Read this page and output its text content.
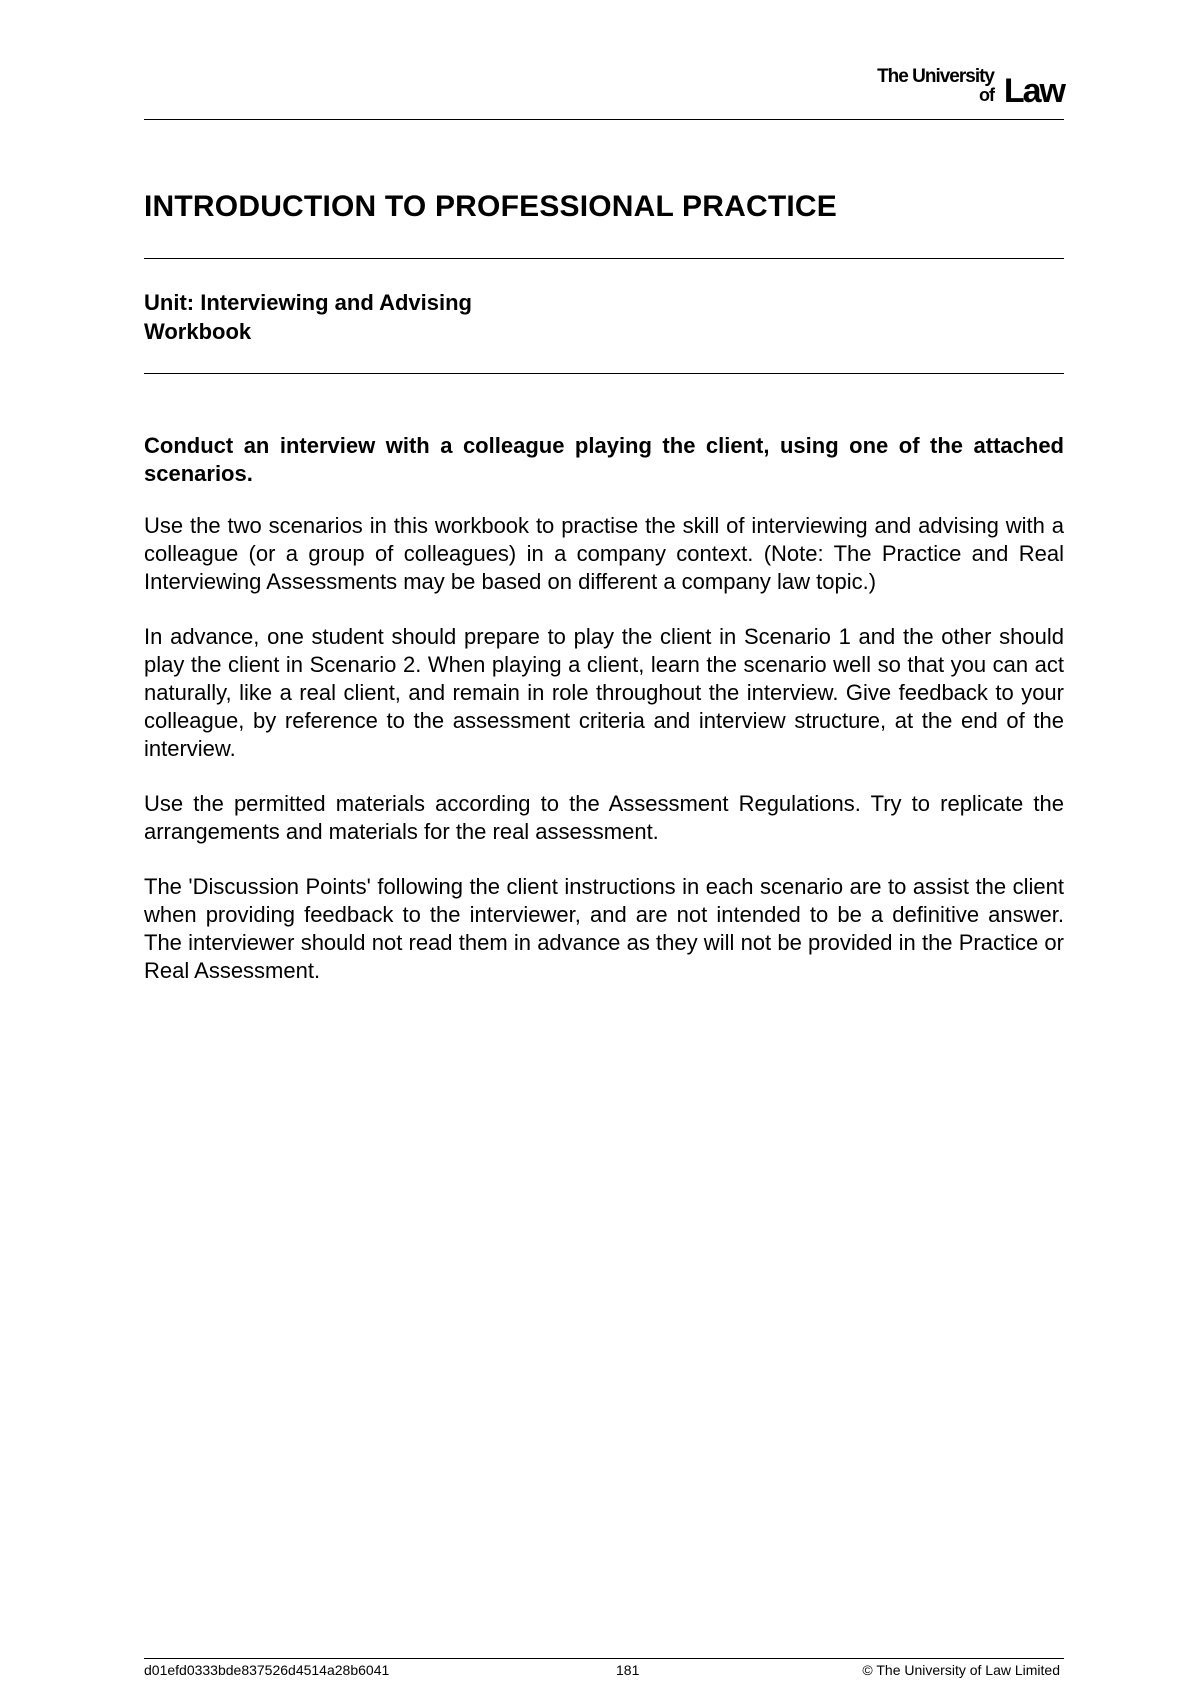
The University
of Law
INTRODUCTION TO PROFESSIONAL PRACTICE
Unit: Interviewing and Advising
Workbook

Conduct an interview with a colleague playing the client, using one of the attached scenarios.

Use the two scenarios in this workbook to practise the skill of interviewing and advising with a colleague (or a group of colleagues) in a company context. (Note: The Practice and Real Interviewing Assessments may be based on different a company law topic.)

In advance, one student should prepare to play the client in Scenario 1 and the other should play the client in Scenario 2. When playing a client, learn the scenario well so that you can act naturally, like a real client, and remain in role throughout the interview. Give feedback to your colleague, by reference to the assessment criteria and interview structure, at the end of the interview.

Use the permitted materials according to the Assessment Regulations. Try to replicate the arrangements and materials for the real assessment.

The 'Discussion Points' following the client instructions in each scenario are to assist the client when providing feedback to the interviewer, and are not intended to be a definitive answer. The interviewer should not read them in advance as they will not be provided in the Practice or Real Assessment.

d01efd0333bde837526d4514a28b6041	181	© The University of Law Limited
